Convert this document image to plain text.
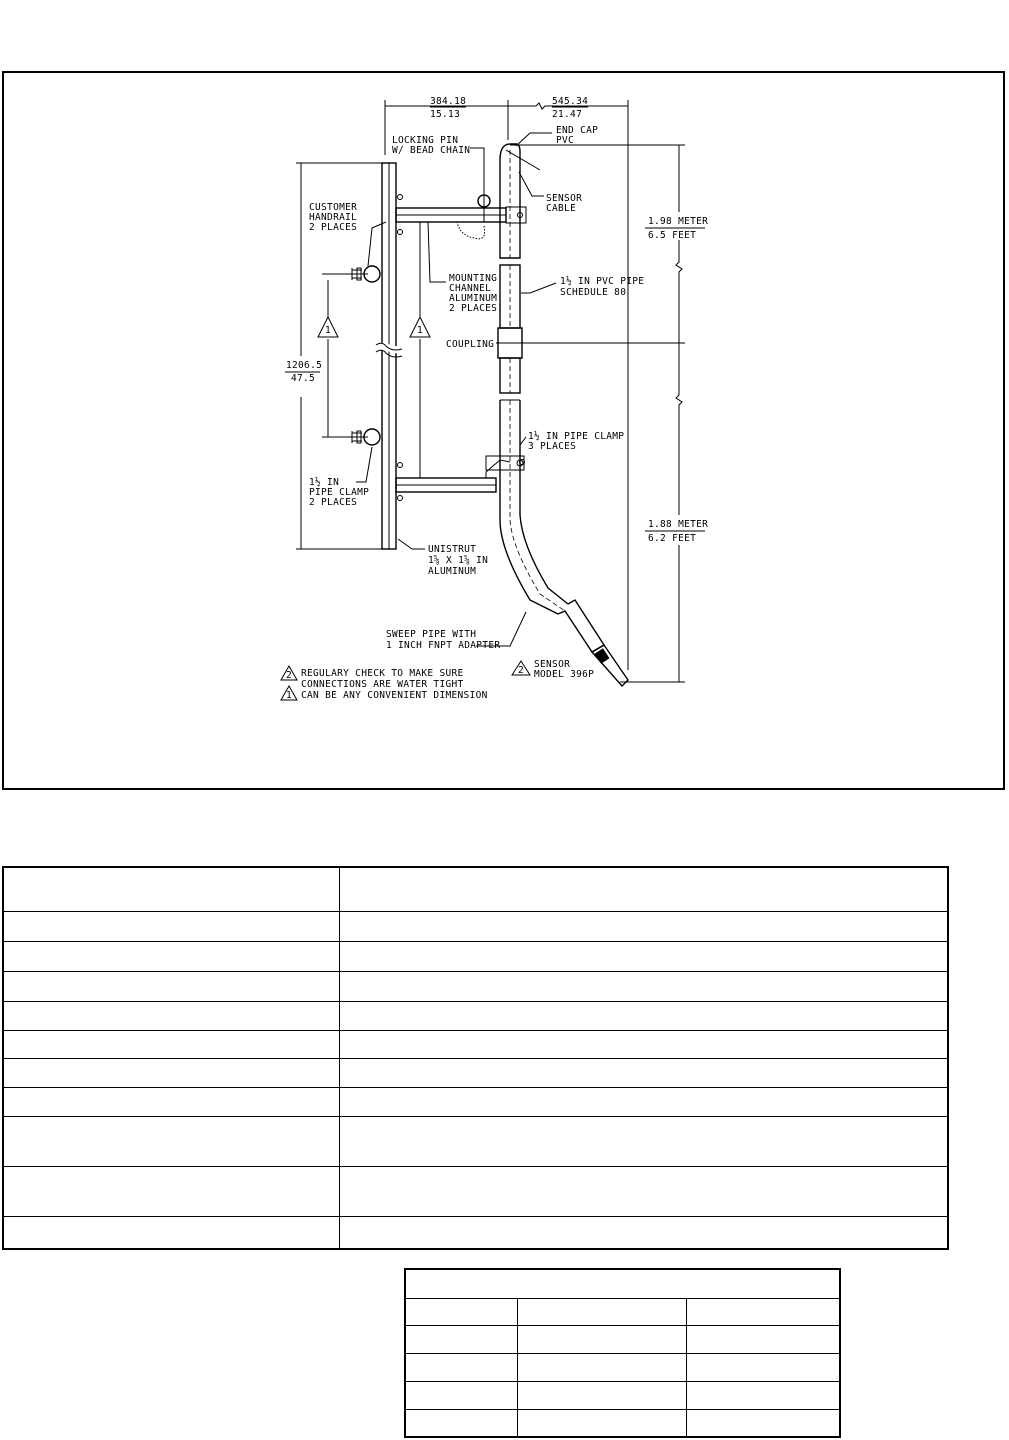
384.18
15.13
545.34
21.47
1206.5
47.5
1.98 METER
6.5 FEET
1.88 METER
6.2 FEET
1	1
LOCKING PIN
W/ BEAD CHAIN
END CAP
PVC
SENSOR
CABLE
CUSTOMER
HANDRAIL
2 PLACES
MOUNTING
CHANNEL
ALUMINUM
2 PLACES
1½ IN PVC PIPE
SCHEDULE 80
COUPLING
1½ IN PIPE CLAMP
3 PLACES
1½ IN
PIPE CLAMP
2 PLACES
UNISTRUT
1⅝ X 1⅝ IN
ALUMINUM
SWEEP PIPE WITH
1 INCH FNPT ADAPTER
2
SENSOR
MODEL 396P
2 REGULARY CHECK TO MAKE SURE
CONNECTIONS ARE WATER TIGHT
1 CAN BE ANY CONVENIENT DIMENSION
